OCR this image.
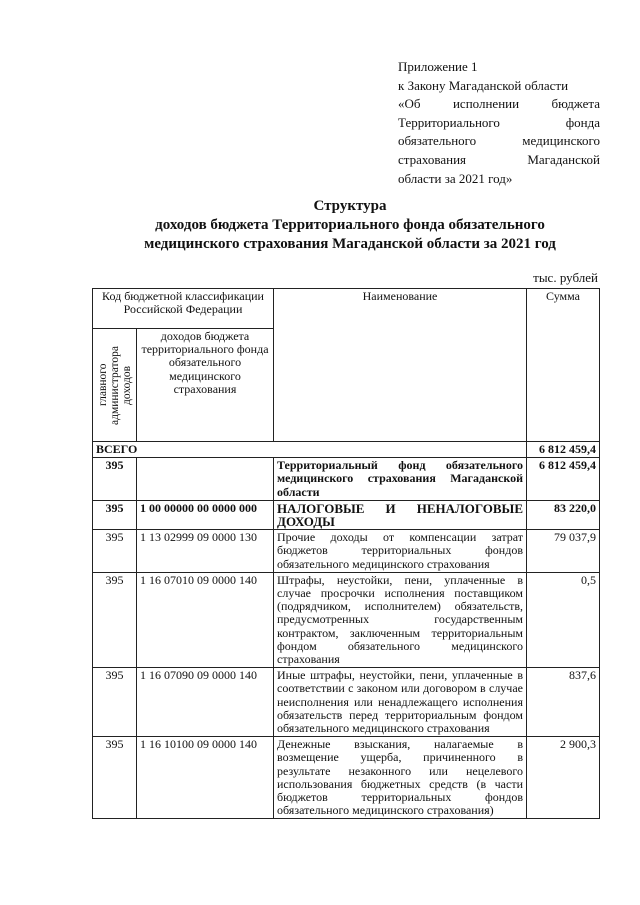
Приложение 1
к Закону Магаданской области
«Об исполнении бюджета
Территориального фонда
обязательного медицинского
страхования Магаданской
области за 2021 год»
Структура
доходов бюджета Территориального фонда обязательного
медицинского страхования Магаданской области за 2021 год
тыс. рублей
Код бюджетной классификации Российской Федерации		Наименование	Сумма

главного администратора доходов	доходов бюджета территориального фонда обязательного медицинского страхования		
ВСЕГО			6 812 459,4
395		Территориальный фонд обязательного медицинского страхования Магаданской области	6 812 459,4
395	1 00 00000 00 0000 000	НАЛОГОВЫЕ И НЕНАЛОГОВЫЕ ДОХОДЫ	83 220,0
395	1 13 02999 09 0000 130	Прочие доходы от компенсации затрат бюджетов территориальных фондов обязательного медицинского страхования	79 037,9
395	1 16 07010 09 0000 140	Штрафы, неустойки, пени, уплаченные в случае просрочки исполнения поставщиком (подрядчиком, исполнителем) обязательств, предусмотренных государственным контрактом, заключенным территориальным фондом обязательного медицинского страхования	0,5
395	1 16 07090 09 0000 140	Иные штрафы, неустойки, пени, уплаченные в соответствии с законом или договором в случае неисполнения или ненадлежащего исполнения обязательств перед территориальным фондом обязательного медицинского страхования	837,6
395	1 16 10100 09 0000 140	Денежные взыскания, налагаемые в возмещение ущерба, причиненного в результате незаконного или нецелевого использования бюджетных средств (в части бюджетов территориальных фондов обязательного медицинского страхования)	2 900,3
